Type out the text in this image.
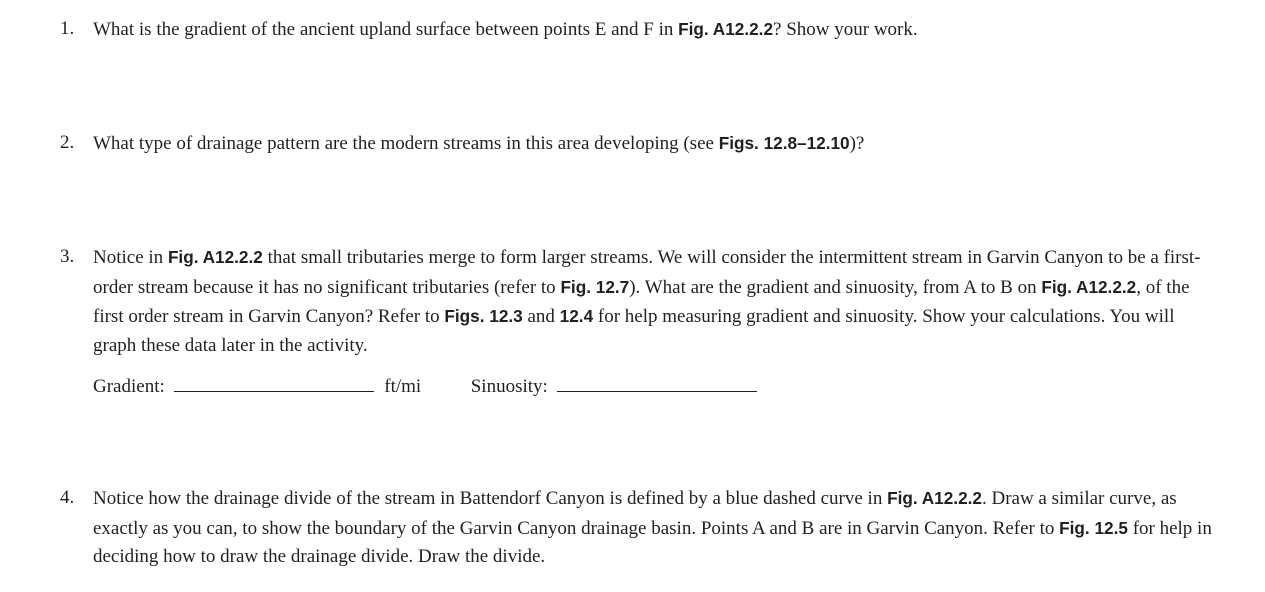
1. What is the gradient of the ancient upland surface between points E and F in Fig. A12.2.2? Show your work.
2. What type of drainage pattern are the modern streams in this area developing (see Figs. 12.8–12.10)?
3. Notice in Fig. A12.2.2 that small tributaries merge to form larger streams. We will consider the intermittent stream in Garvin Canyon to be a first-order stream because it has no significant tributaries (refer to Fig. 12.7). What are the gradient and sinuosity, from A to B on Fig. A12.2.2, of the first order stream in Garvin Canyon? Refer to Figs. 12.3 and 12.4 for help measuring gradient and sinuosity. Show your calculations. You will graph these data later in the activity.
Gradient:	ft/mi	Sinuosity:
4. Notice how the drainage divide of the stream in Battendorf Canyon is defined by a blue dashed curve in Fig. A12.2.2. Draw a similar curve, as exactly as you can, to show the boundary of the Garvin Canyon drainage basin. Points A and B are in Garvin Canyon. Refer to Fig. 12.5 for help in deciding how to draw the drainage divide. Draw the divide.
